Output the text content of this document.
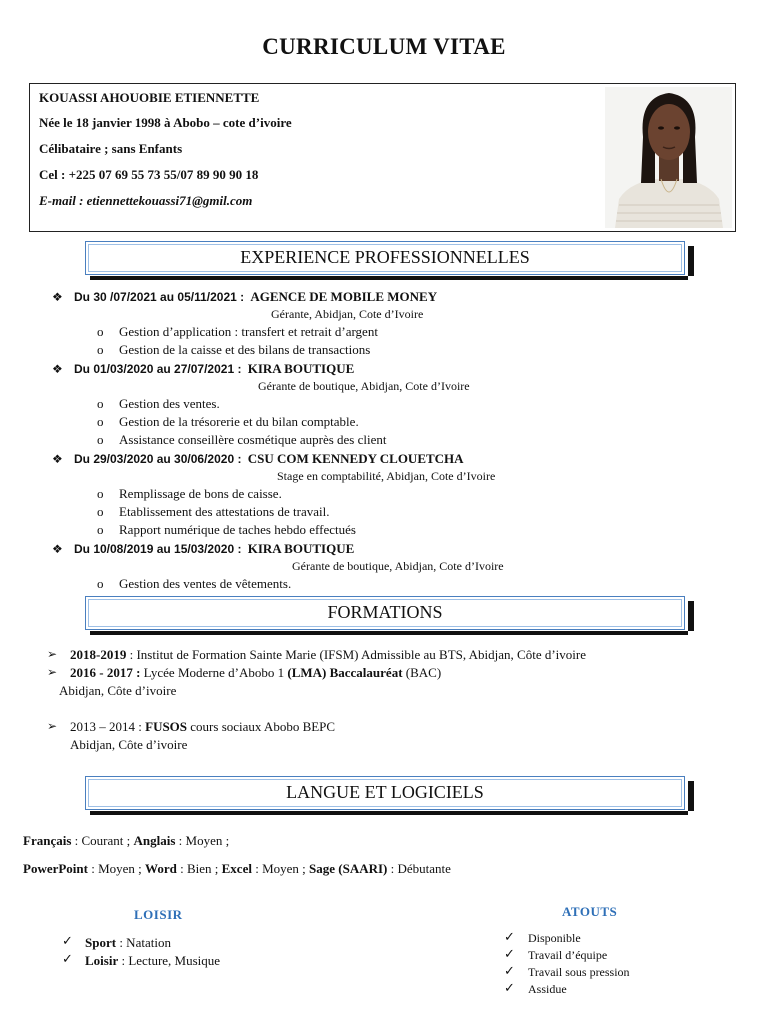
CURRICULUM VITAE
KOUASSI AHOUOBIE ETIENNETTE
Née le 18 janvier 1998 à Abobo – cote d’ivoire
Célibataire ; sans Enfants
Cel : +225 07 69 55 73 55/07 89 90 90 18
E-mail : etiennettekouassi71@gmil.com
EXPERIENCE PROFESSIONNELLES
❖ Du 30 /07/2021 au 05/11/2021 : AGENCE DE MOBILE MONEY
Gérante, Abidjan, Cote d’Ivoire
o Gestion d’application : transfert et retrait d’argent
o Gestion de la caisse et des bilans de transactions
❖ Du 01/03/2020 au 27/07/2021 : KIRA BOUTIQUE
Gérante de boutique, Abidjan, Cote d’Ivoire
o Gestion des ventes.
o Gestion de la trésorerie et du bilan comptable.
o Assistance conseillère cosmétique auprès des client
❖ Du 29/03/2020 au 30/06/2020 : CSU COM KENNEDY CLOUETCHA
Stage en comptabilité, Abidjan, Cote d’Ivoire
o Remplissage de bons de caisse.
o Etablissement des attestations de travail.
o Rapport numérique de taches hebdo effectués
❖ Du 10/08/2019 au 15/03/2020 : KIRA BOUTIQUE
Gérante de boutique, Abidjan, Cote d’Ivoire
o Gestion des ventes de vêtements.
FORMATIONS
➢ 2018-2019 : Institut de Formation Sainte Marie (IFSM) Admissible au BTS, Abidjan, Côte d’ivoire
➢ 2016 - 2017 : Lycée Moderne d’Abobo 1 (LMA) Baccalauréat (BAC)
Abidjan, Côte d’ivoire
➢ 2013 – 2014 : FUSOS cours sociaux Abobo BEPC
Abidjan, Côte d’ivoire
LANGUE ET LOGICIELS
Français : Courant ; Anglais : Moyen ;
PowerPoint : Moyen ; Word : Bien ; Excel : Moyen ; Sage (SAARI) : Débutante
LOISIR
✓ Sport : Natation
✓ Loisir : Lecture, Musique
ATOUTS
✓ Disponible
✓ Travail d’équipe
✓ Travail sous pression
✓ Assidue
